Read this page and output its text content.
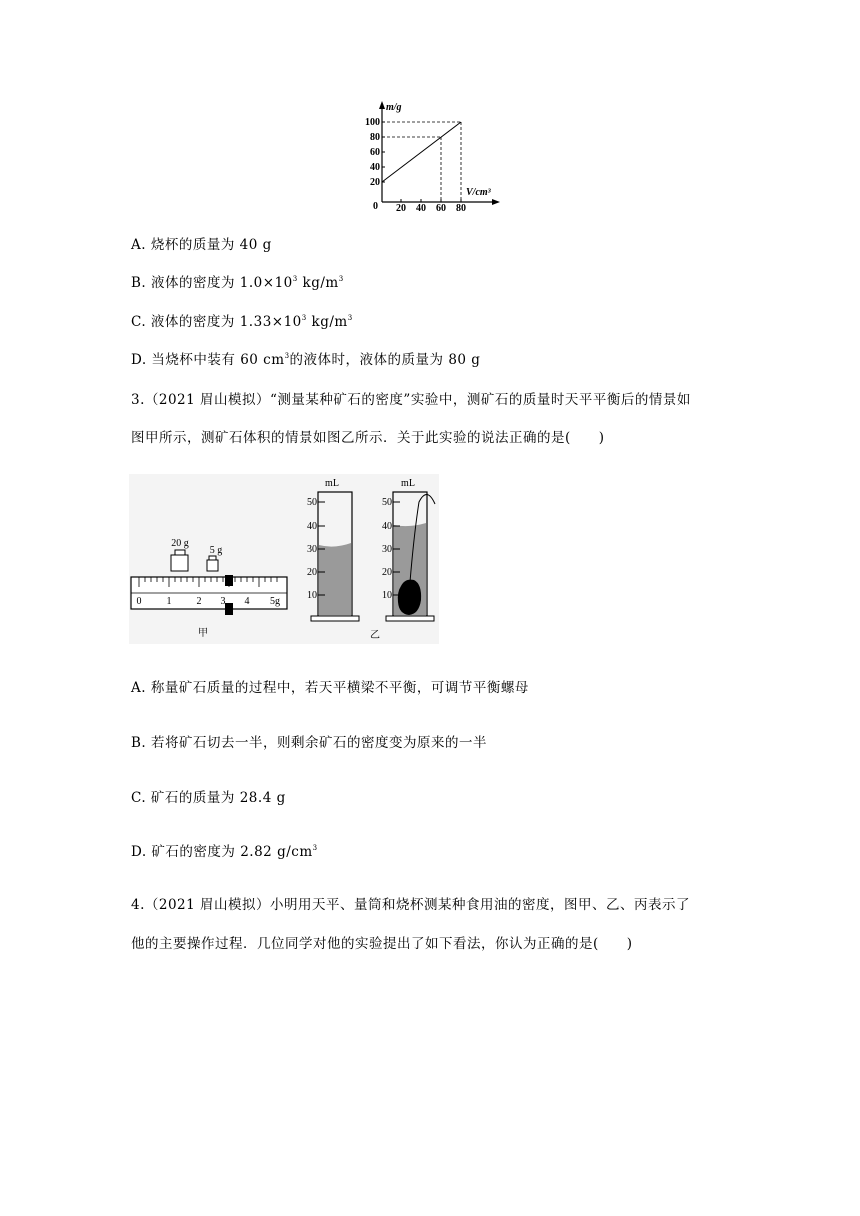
m/g
V/cm³
0
20
40
60
80
100
20 40 60 80
A. 烧杯的质量为 40 g
B. 液体的密度为 $1.0\times 10^3$ $kg/m^3$
C. 液体的密度为 $1.33\times 10^3$ $kg/m^3$
D. 当烧杯中装有 60 $cm^3$的液体时，液体的质量为 80 g
3.（2021 眉山模拟）“测量某种矿石的密度”实验中，测矿石的质量时天平平衡后的情景如
图甲所示，测矿石体积的情景如图乙所示．关于此实验的说法正确的是(　　)
0	1	2 3 4 5g
20 g
5 g
甲
mL
50
40
30
20
10
mL
50
40
30
20
10
乙
A. 称量矿石质量的过程中，若天平横梁不平衡，可调节平衡螺母
B. 若将矿石切去一半，则剩余矿石的密度变为原来的一半
C. 矿石的质量为 28.4 g
D. 矿石的密度为 2.82 $g/cm^3$
4.（2021 眉山模拟）小明用天平、量筒和烧杯测某种食用油的密度，图甲、乙、丙表示了
他的主要操作过程．几位同学对他的实验提出了如下看法，你认为正确的是(　　)
